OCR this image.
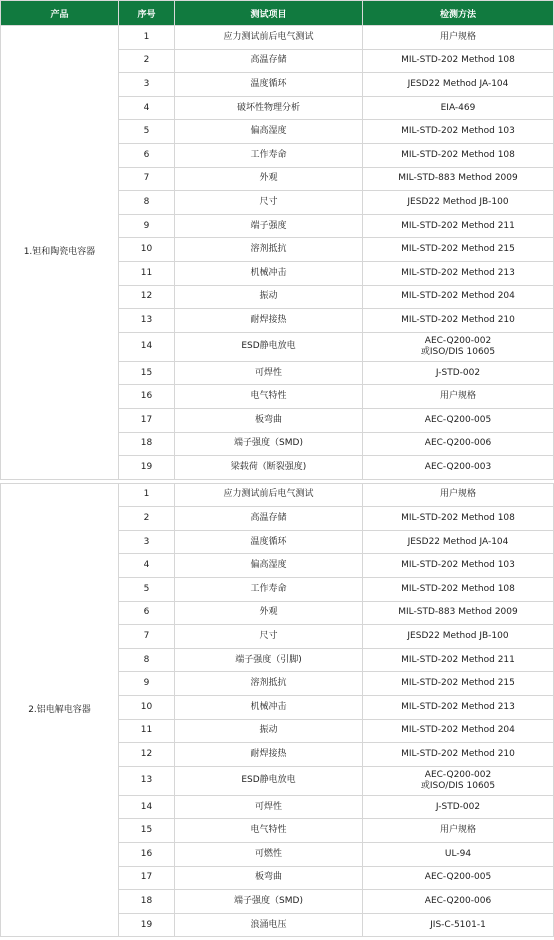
产品	序号	测试项目	检测方法
1.钽和陶瓷电容器	1	应力测试前后电气测试	用户规格
	2	高温存储	MIL-STD-202 Method 108
	3	温度循环	JESD22 Method JA-104
	4	破坏性物理分析	EIA-469
	5	偏高湿度	MIL-STD-202 Method 103
	6	工作寿命	MIL-STD-202 Method 108
	7	外观	MIL-STD-883 Method 2009
	8	尺寸	JESD22 Method JB-100
	9	端子强度	MIL-STD-202 Method 211
	10	溶剂抵抗	MIL-STD-202 Method 215
	11	机械冲击	MIL-STD-202 Method 213
	12	振动	MIL-STD-202 Method 204
	13	耐焊接热	MIL-STD-202 Method 210
	14	ESD静电放电	AEC-Q200-002
或ISO/DIS 10605
	15	可焊性	J-STD-002
	16	电气特性	用户规格
	17	板弯曲	AEC-Q200-005
	18	端子强度（SMD)	AEC-Q200-006
	19	梁载荷（断裂强度)	AEC-Q200-003

2.铝电解电容器	1	应力测试前后电气测试	用户规格
	2	高温存储	MIL-STD-202 Method 108
	3	温度循环	JESD22 Method JA-104
	4	偏高湿度	MIL-STD-202 Method 103
	5	工作寿命	MIL-STD-202 Method 108
	6	外观	MIL-STD-883 Method 2009
	7	尺寸	JESD22 Method JB-100
	8	端子强度（引脚)	MIL-STD-202 Method 211
	9	溶剂抵抗	MIL-STD-202 Method 215
	10	机械冲击	MIL-STD-202 Method 213
	11	振动	MIL-STD-202 Method 204
	12	耐焊接热	MIL-STD-202 Method 210
	13	ESD静电放电	AEC-Q200-002
或ISO/DIS 10605
	14	可焊性	J-STD-002
	15	电气特性	用户规格
	16	可燃性	UL-94
	17	板弯曲	AEC-Q200-005
	18	端子强度（SMD)	AEC-Q200-006
	19	浪涌电压	JIS-C-5101-1
